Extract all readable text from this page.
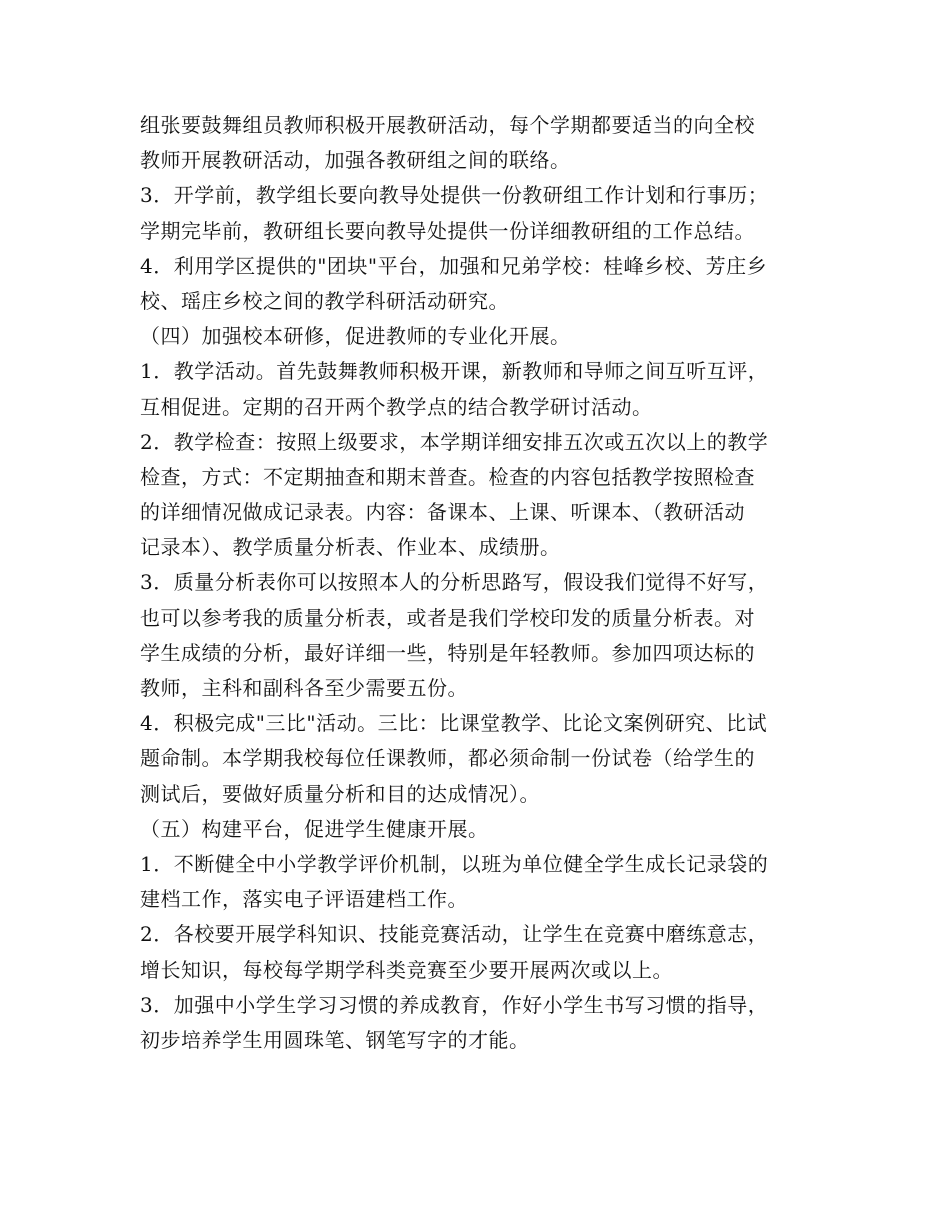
组张要鼓舞组员教师积极开展教研活动，每个学期都要适当的向全校
教师开展教研活动，加强各教研组之间的联络。
3．开学前，教学组长要向教导处提供一份教研组工作计划和行事历；
学期完毕前，教研组长要向教导处提供一份详细教研组的工作总结。
4．利用学区提供的"团块"平台，加强和兄弟学校：桂峰乡校、芳庄乡
校、瑶庄乡校之间的教学科研活动研究。
（四）加强校本研修，促进教师的专业化开展。
1．教学活动。首先鼓舞教师积极开课，新教师和导师之间互听互评，
互相促进。定期的召开两个教学点的结合教学研讨活动。
2．教学检查：按照上级要求，本学期详细安排五次或五次以上的教学
检查，方式：不定期抽查和期末普查。检查的内容包括教学按照检查
的详细情况做成记录表。内容：备课本、上课、听课本、（教研活动
记录本）、教学质量分析表、作业本、成绩册。
3．质量分析表你可以按照本人的分析思路写，假设我们觉得不好写，
也可以参考我的质量分析表，或者是我们学校印发的质量分析表。对
学生成绩的分析，最好详细一些，特别是年轻教师。参加四项达标的
教师，主科和副科各至少需要五份。
4．积极完成"三比"活动。三比：比课堂教学、比论文案例研究、比试
题命制。本学期我校每位任课教师，都必须命制一份试卷（给学生的
测试后，要做好质量分析和目的达成情况）。
（五）构建平台，促进学生健康开展。
1．不断健全中小学教学评价机制，以班为单位健全学生成长记录袋的
建档工作，落实电子评语建档工作。
2．各校要开展学科知识、技能竞赛活动，让学生在竞赛中磨练意志，
增长知识，每校每学期学科类竞赛至少要开展两次或以上。
3．加强中小学生学习习惯的养成教育，作好小学生书写习惯的指导，
初步培养学生用圆珠笔、钢笔写字的才能。
